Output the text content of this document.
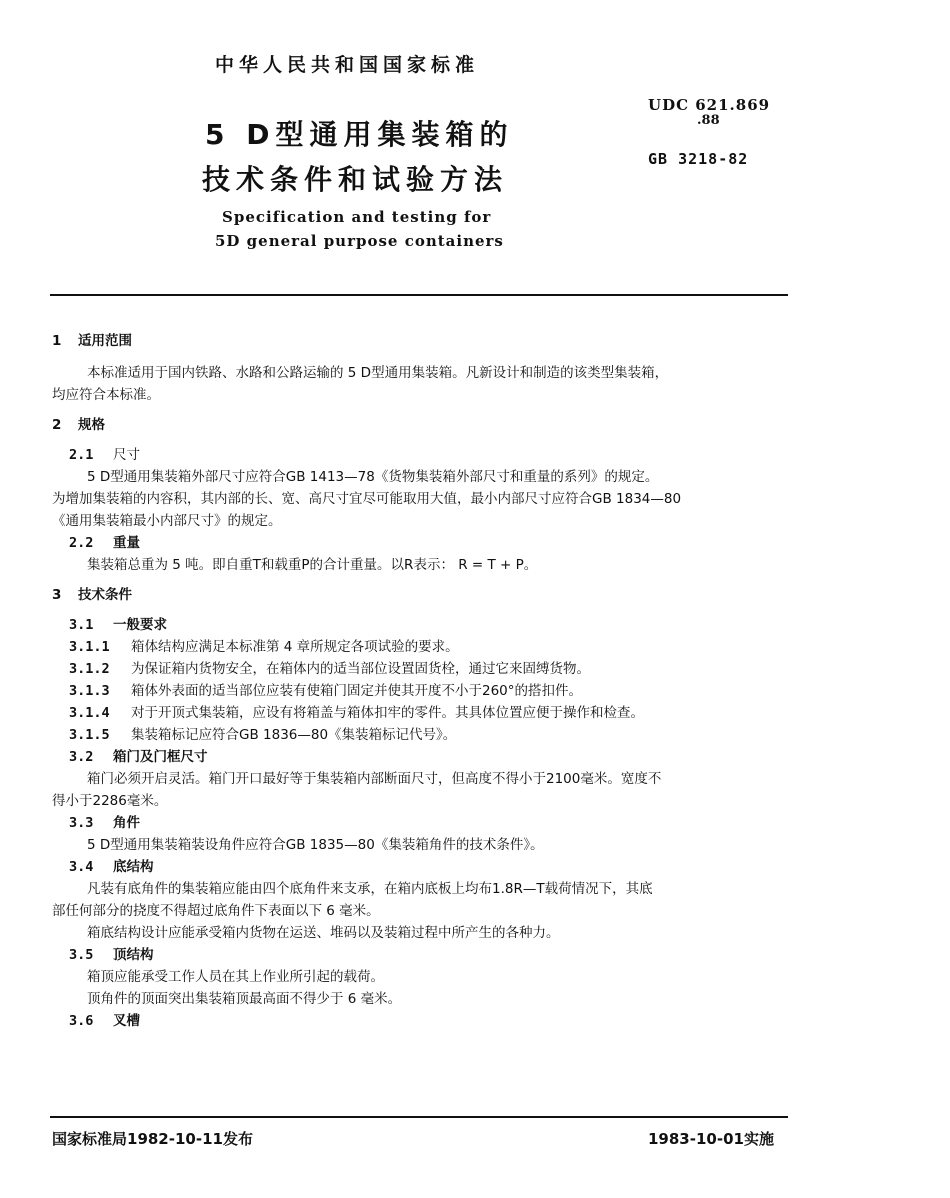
中华人民共和国国家标准
5 D型通用集装箱的
技术条件和试验方法
Specification and testing for
5D general purpose containers
UDC 621.869
.88
GB 3218-82

1 适用范围

本标准适用于国内铁路、水路和公路运输的 5 D型通用集装箱。凡新设计和制造的该类型集装箱，

均应符合本标准。

2 规格

2.1 尺寸

5 D型通用集装箱外部尺寸应符合GB 1413—78《货物集装箱外部尺寸和重量的系列》的规定。

为增加集装箱的内容积，其内部的长、宽、高尺寸宜尽可能取用大值，最小内部尺寸应符合GB 1834—80

《通用集装箱最小内部尺寸》的规定。

2.2 重量

集装箱总重为 5 吨。即自重T和载重P的合计重量。以R表示： R = T + P。

3 技术条件

3.1 一般要求

3.1.1 箱体结构应满足本标准第 4 章所规定各项试验的要求。

3.1.2 为保证箱内货物安全，在箱体内的适当部位设置固货栓，通过它来固缚货物。

3.1.3 箱体外表面的适当部位应装有使箱门固定并使其开度不小于260°的搭扣件。

3.1.4 对于开顶式集装箱，应设有将箱盖与箱体扣牢的零件。其具体位置应便于操作和检查。

3.1.5 集装箱标记应符合GB 1836—80《集装箱标记代号》。

3.2 箱门及门框尺寸

箱门必须开启灵活。箱门开口最好等于集装箱内部断面尺寸，但高度不得小于2100毫米。宽度不

得小于2286毫米。

3.3 角件

5 D型通用集装箱装设角件应符合GB 1835—80《集装箱角件的技术条件》。

3.4 底结构

凡装有底角件的集装箱应能由四个底角件来支承，在箱内底板上均布1.8R—T载荷情况下，其底

部任何部分的挠度不得超过底角件下表面以下 6 毫米。

箱底结构设计应能承受箱内货物在运送、堆码以及装箱过程中所产生的各种力。

3.5 顶结构

箱顶应能承受工作人员在其上作业所引起的载荷。

顶角件的顶面突出集装箱顶最高面不得少于 6 毫米。

3.6 叉槽

国家标准局1982-10-11发布	1983-10-01实施
